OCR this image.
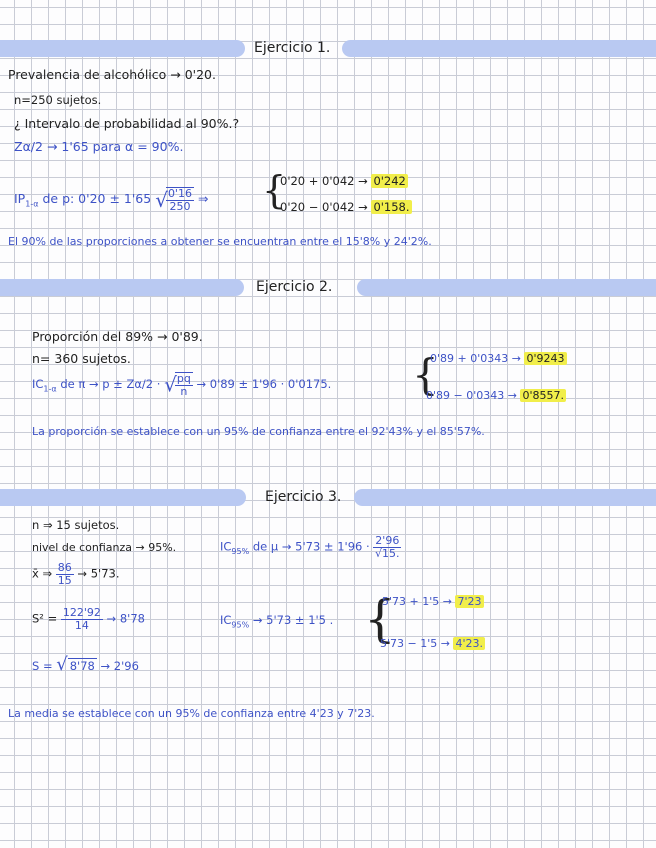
Ejercicio 1.
Prevalencia de alcohólico → 0'20.
n=250 sujetos.
¿ Intervalo de probabilidad al 90%.?
Zα/2 → 1'65 para α = 90%.
$IP_{1-\alpha}$ de p: 0'20 ± 1'65 √
$\frac{0'16}{250}$ ⇒ {
0'20 + 0'042 → 0'242
0'20 − 0'042 → 0'158.
El 90% de las proporciones a obtener se encuentran entre el 15'8% y 24'2%.
Ejercicio 2.
Proporción del 89% → 0'89.
n= 360 sujetos.
$IC_{1-\alpha}$ de π → p ± Zα/2 · √
$\frac{pq}{n} \to 0'89 \pm 1'96 \cdot 0'0175$. {
0'89 + 0'0343 → 0'9243
0'89 − 0'0343 → 0'8557.
La proporción se establece con un 95% de confianza entre el 92'43% y el 85'57%.
Ejercicio 3.
n ⇒ 15 sujetos.
nivel de confianza → 95%.
x̄ ⇒ $\frac{86}{15} \to 5'73$.
$S^2 = \frac{122'92}{14} \to 8'78$
S = √ 8'78 → 2'96
$IC_{95\%}$ de $\mu \to 5'73 \pm 1'96 \cdot \frac{2'96}{√15.}$
$IC_{95\%} \to 5'73 \pm 1'5$ . {
5'73 + 1'5 → 7'23
5'73 − 1'5 → 4'23.
La media se establece con un 95% de confianza entre 4'23 y 7'23.
